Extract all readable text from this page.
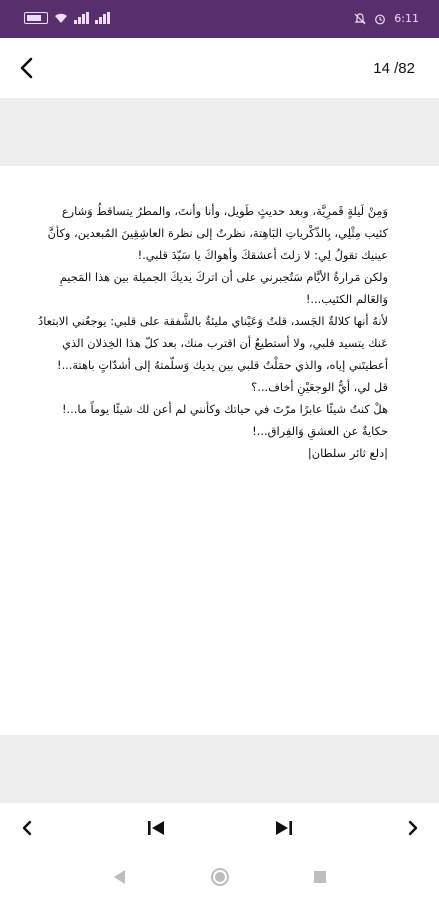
6:11
14 /82

وَمِنْ لَيلةٍ قَمرِيَّة، وبعد حديثٍ طَويل، وأنا وأنتَ، والمطرُ يتساقطُ وَشارع كئيب مِثْلِي، بِالذّكْرياتِ البَاهِتة، نظرتُ إلى نظرة العاشِقِينَ المُبعدين، وكأنَّ عينيك تقولُ لِي: لا زلتَ أعشقكَ وأهواكَ يا سَيّدَ قلبي.!

ولكن مَرارةُ الأيَّام سَتُجبرني على أن اتركَ يديكَ الجميلة بين هذا المَجيمِ وَالعَالم الكئيب...!

لأنهُ أنها كلالةٌ الجَسد، قلتُ وَعَيْناي مليئةٌ بالشَّفقة على قلبي: يوجعُني الابتعادُ عَنك يتسيد قلبي، ولا أستطيعُ أن اقترب منك، بعد كلّ هذا الخِذلان الذي أعطيتَني إياه، والذي حمَلْتُ قلبي بين يديك وَسلّمتهُ إلى أشدّاتٍ باهتة...!

قل لي، أيُّ الوجعَيْنِ أخاف...؟

هلْ كنتُ شيئًا عابرًا مرّتَ في حياتك وكأنني لم أعن لك شيئًا يوماً ما...!

حكايةٌ عن العشقِ وَالفِراق...!

|دلع ثائر سلطان|
